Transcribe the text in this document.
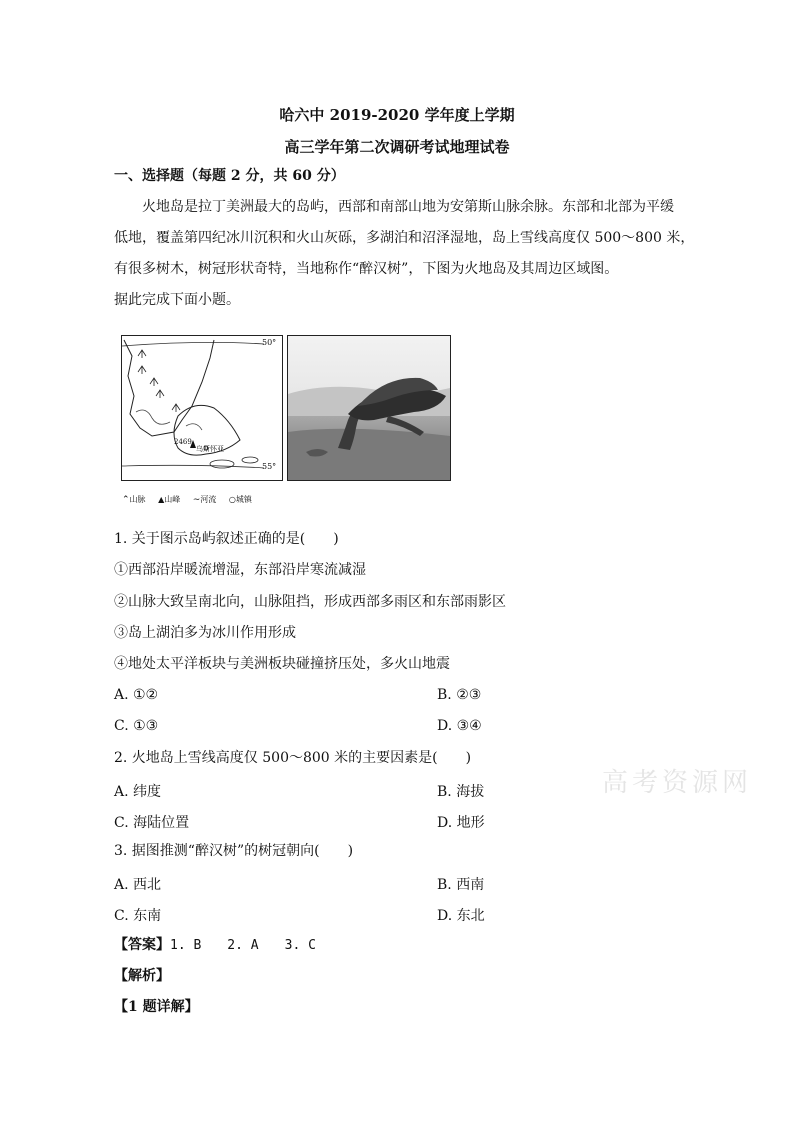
哈六中 2019-2020 学年度上学期
高三学年第二次调研考试地理试卷
一、选择题（每题 2 分，共 60 分）
火地岛是拉丁美洲最大的岛屿，西部和南部山地为安第斯山脉余脉。东部和北部为平缓
低地，覆盖第四纪冰川沉积和火山灰砾，多湖泊和沼泽湿地，岛上雪线高度仅 500～800 米，
有很多树木，树冠形状奇特，当地称作“醉汉树”，下图为火地岛及其周边区域图。
据此完成下面小题。
50°
55°
2469
乌斯怀亚
⌃山脉 ▲山峰 ∼河流 ○城镇
1. 关于图示岛屿叙述正确的是(　　)
①西部沿岸暖流增湿，东部沿岸寒流减湿
②山脉大致呈南北向，山脉阻挡，形成西部多雨区和东部雨影区
③岛上湖泊多为冰川作用形成
④地处太平洋板块与美洲板块碰撞挤压处，多火山地震
A. ①②	B. ②③
C. ①③	D. ③④
2. 火地岛上雪线高度仅 500～800 米的主要因素是(　　)
A. 纬度	B. 海拔
C. 海陆位置	D. 地形
高考资源网
3. 据图推测“醉汉树”的树冠朝向(　　)
A. 西北	B. 西南
C. 东南	D. 东北
【答案】1. B　　2. A　　3. C
【解析】
【1 题详解】
